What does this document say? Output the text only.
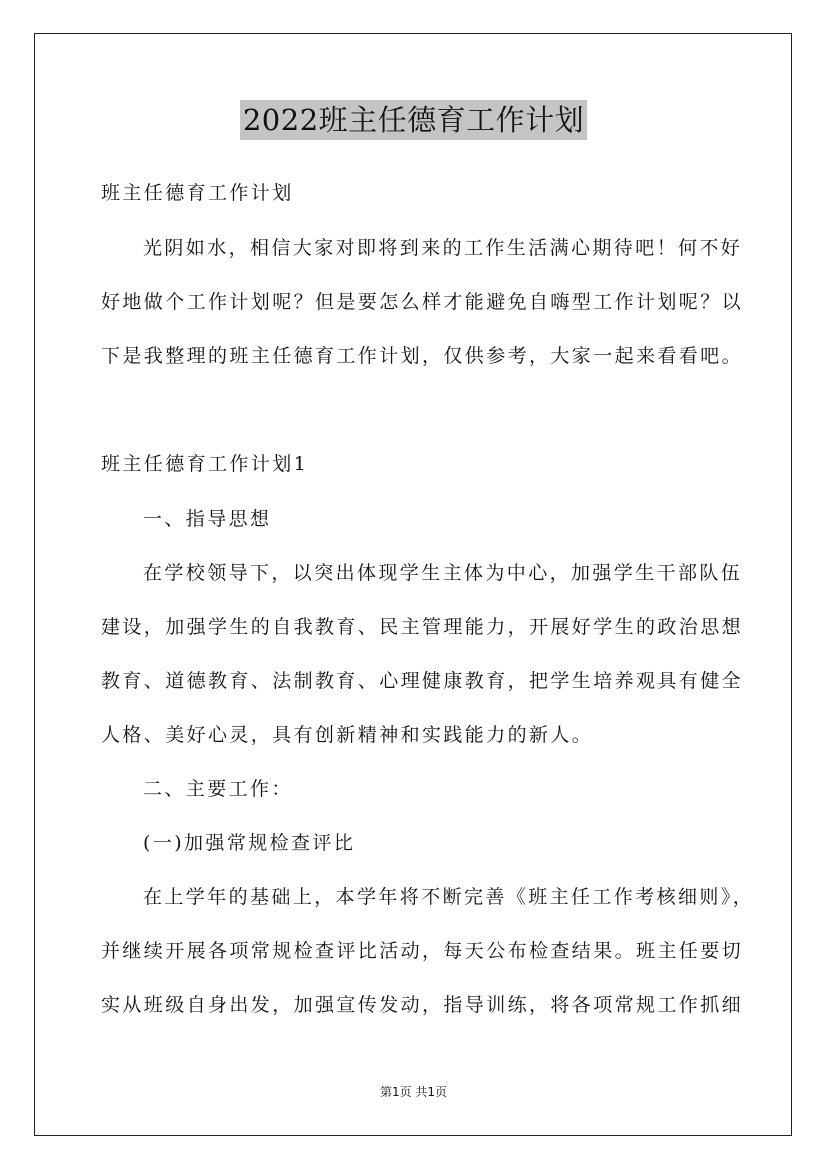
2022班主任德育工作计划
班主任德育工作计划
光阴如水，相信大家对即将到来的工作生活满心期待吧！何不好
好地做个工作计划呢？但是要怎么样才能避免自嗨型工作计划呢？以
下是我整理的班主任德育工作计划，仅供参考，大家一起来看看吧。
班主任德育工作计划1
一、指导思想
在学校领导下，以突出体现学生主体为中心，加强学生干部队伍
建设，加强学生的自我教育、民主管理能力，开展好学生的政治思想
教育、道德教育、法制教育、心理健康教育，把学生培养观具有健全
人格、美好心灵，具有创新精神和实践能力的新人。
二、主要工作：
(一)加强常规检查评比
在上学年的基础上，本学年将不断完善《班主任工作考核细则》，
并继续开展各项常规检查评比活动，每天公布检查结果。班主任要切
实从班级自身出发，加强宣传发动，指导训练，将各项常规工作抓细
第1页 共1页
